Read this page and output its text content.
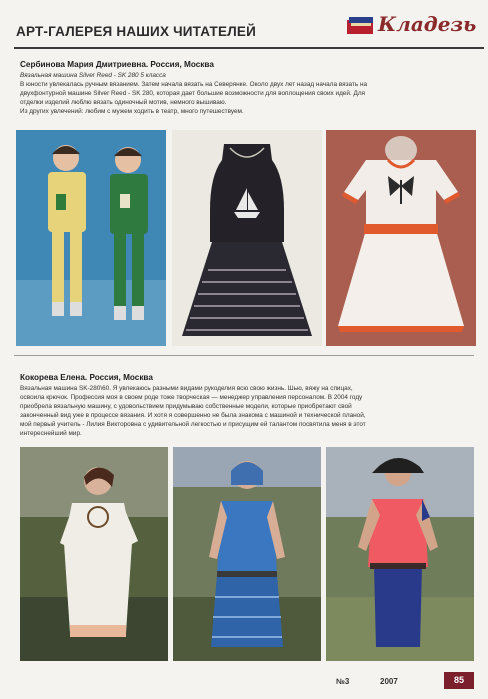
АРТ-ГАЛЕРЕЯ НАШИХ ЧИТАТЕЛЕЙ	Кладезь
Сербинова Мария Дмитриевна. Россия, Москва
Вязальная машина Silver Reed - SK 280 5 класса
В юности увлекалась ручным вязанием. Затем начала вязать на Северянке. Около двух лет назад начала вязать на
двухфонтурной машине Silver Reed - SK 280, которая дает большие возможности для воплощения своих идей. Для
отделки изделий люблю вязать одиночный мотив, немного вышиваю.
Из других увлечений: любим с мужем ходить в театр, много путешествуем.
Кокорева Елена. Россия, Москва
Вязальная машина SK-280\60. Я увлекаюсь разными видами рукоделия всю свою жизнь. Шью, вяжу на спицах,
освоила крючок. Профессия моя в своем роде тоже творческая — менеджер управления персоналом. В 2004 году
приобрела вязальную машину, с удовольствием придумываю собственные модели, которые приобретают свой
законченный вид уже в процессе вязания. И хотя я совершенно не была знакома с машиной и технической планой,
мой первый учитель - Лилия Викторовна с удивительной легкостью и присущим ей талантом посвятила меня в этот
интереснейший мир.
№3	2007	85
